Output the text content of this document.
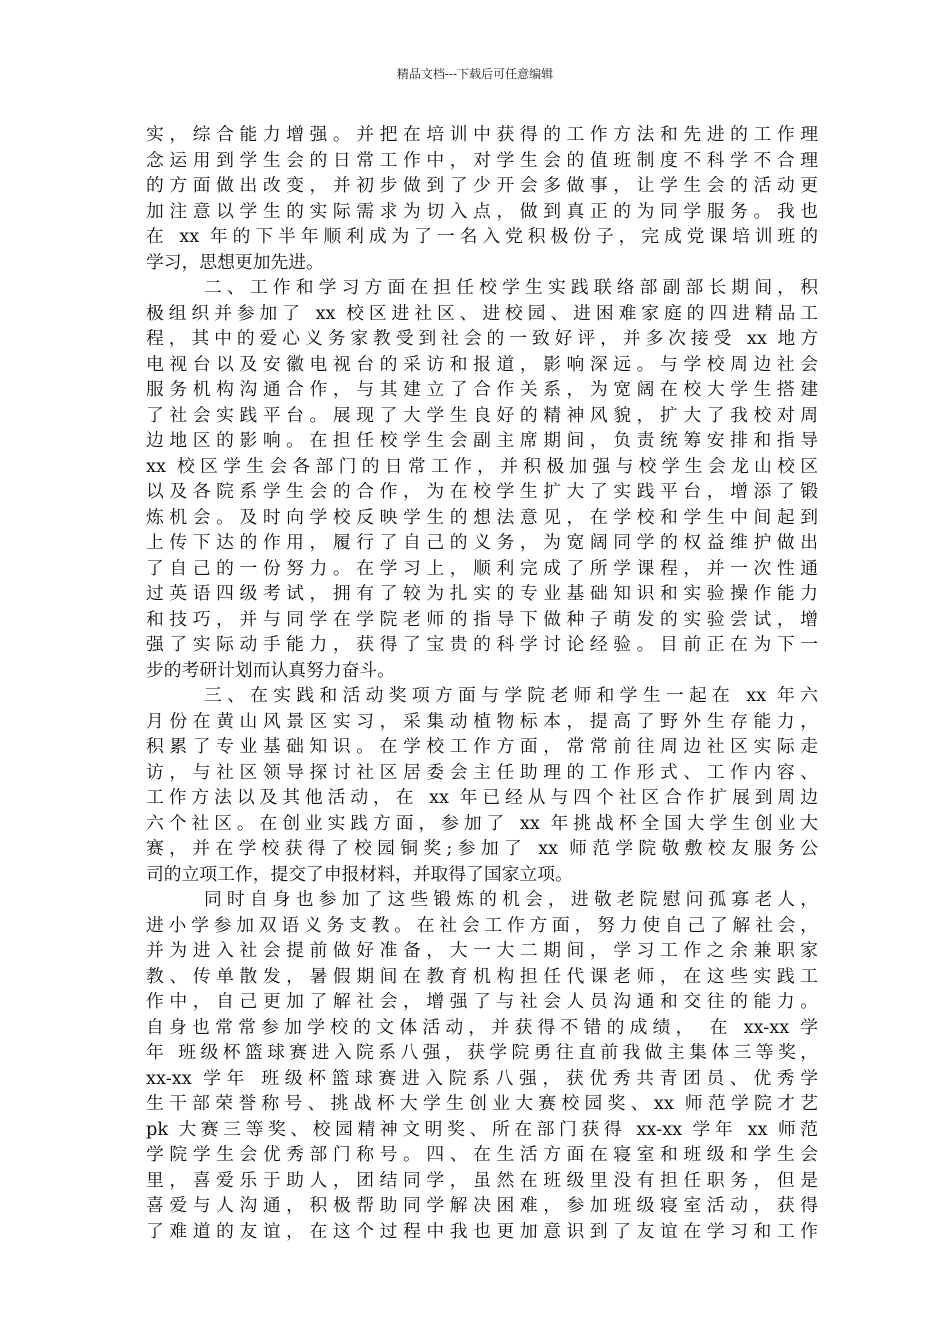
精品文档---下载后可任意编辑
实，综合能力增强。并把在培训中获得的工作方法和先进的工作理
念运用到学生会的日常工作中，对学生会的值班制度不科学不合理
的方面做出改变，并初步做到了少开会多做事，让学生会的活动更
加注意以学生的实际需求为切入点，做到真正的为同学服务。我也
在 xx 年的下半年顺利成为了一名入党积极份子，完成党课培训班的
学习，思想更加先进。
二、工作和学习方面在担任校学生实践联络部副部长期间，积
极组织并参加了 xx 校区进社区、进校园、进困难家庭的四进精品工
程，其中的爱心义务家教受到社会的一致好评，并多次接受 xx 地方
电视台以及安徽电视台的采访和报道，影响深远。与学校周边社会
服务机构沟通合作，与其建立了合作关系，为宽阔在校大学生搭建
了社会实践平台。展现了大学生良好的精神风貌，扩大了我校对周
边地区的影响。在担任校学生会副主席期间，负责统筹安排和指导
xx 校区学生会各部门的日常工作，并积极加强与校学生会龙山校区
以及各院系学生会的合作，为在校学生扩大了实践平台，增添了锻
炼机会。及时向学校反映学生的想法意见，在学校和学生中间起到
上传下达的作用，履行了自己的义务，为宽阔同学的权益维护做出
了自己的一份努力。在学习上，顺利完成了所学课程，并一次性通
过英语四级考试，拥有了较为扎实的专业基础知识和实验操作能力
和技巧，并与同学在学院老师的指导下做种子萌发的实验尝试，增
强了实际动手能力，获得了宝贵的科学讨论经验。目前正在为下一
步的考研计划而认真努力奋斗。
三、在实践和活动奖项方面与学院老师和学生一起在 xx 年六
月份在黄山风景区实习，采集动植物标本，提高了野外生存能力，
积累了专业基础知识。在学校工作方面，常常前往周边社区实际走
访，与社区领导探讨社区居委会主任助理的工作形式、工作内容、
工作方法以及其他活动，在 xx 年已经从与四个社区合作扩展到周边
六个社区。在创业实践方面，参加了 xx 年挑战杯全国大学生创业大
赛，并在学校获得了校园铜奖;参加了 xx 师范学院敬敷校友服务公
司的立项工作，提交了申报材料，并取得了国家立项。
同时自身也参加了这些锻炼的机会，进敬老院慰问孤寡老人，
进小学参加双语义务支教。在社会工作方面，努力使自己了解社会，
并为进入社会提前做好准备，大一大二期间，学习工作之余兼职家
教、传单散发，暑假期间在教育机构担任代课老师，在这些实践工
作中，自己更加了解社会，增强了与社会人员沟通和交往的能力。
自身也常常参加学校的文体活动，并获得不错的成绩， 在 xx-xx 学
年 班级杯篮球赛进入院系八强，获学院勇往直前我做主集体三等奖，
xx-xx 学年 班级杯篮球赛进入院系八强，获优秀共青团员、优秀学
生干部荣誉称号、挑战杯大学生创业大赛校园奖、xx 师范学院才艺
pk 大赛三等奖、校园精神文明奖、所在部门获得 xx-xx 学年 xx 师范
学院学生会优秀部门称号。四、在生活方面在寝室和班级和学生会
里，喜爱乐于助人，团结同学，虽然在班级里没有担任职务，但是
喜爱与人沟通，积极帮助同学解决困难，参加班级寝室活动，获得
了难道的友谊，在这个过程中我也更加意识到了友谊在学习和工作
